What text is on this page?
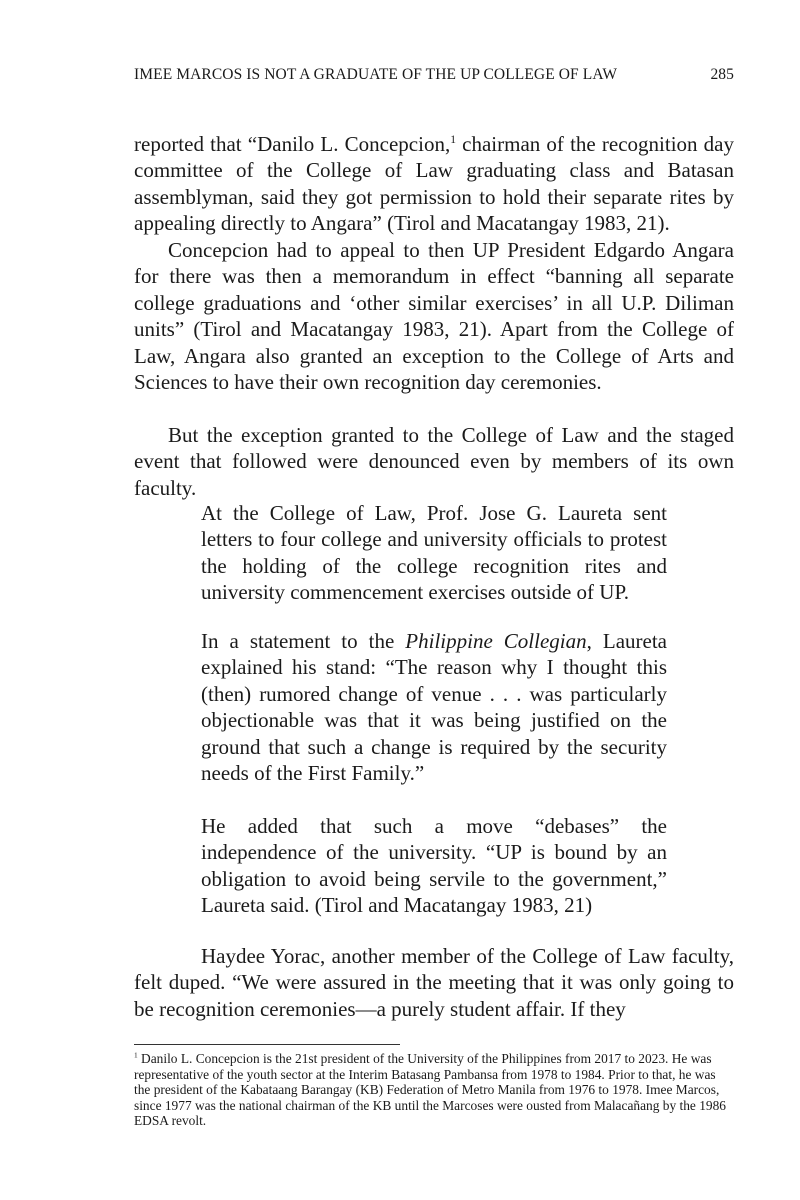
IMEE MARCOS IS NOT A GRADUATE OF THE UP COLLEGE OF LAW	285

reported that “Danilo L. Concepcion,$^1$ chairman of the recognition day committee of the College of Law graduating class and Batasan assemblyman, said they got permission to hold their separate rites by appealing directly to Angara” (Tirol and Macatangay 1983, 21).

Concepcion had to appeal to then UP President Edgardo Angara for there was then a memorandum in effect “banning all separate college graduations and ‘other similar exercises’ in all U.P. Diliman units” (Tirol and Macatangay 1983, 21). Apart from the College of Law, Angara also granted an exception to the College of Arts and Sciences to have their own recognition day ceremonies.

But the exception granted to the College of Law and the staged event that followed were denounced even by members of its own faculty.

At the College of Law, Prof. Jose G. Laureta sent letters to four college and university officials to protest the holding of the college recognition rites and university commencement exercises outside of UP.

In a statement to the Philippine Collegian, Laureta explained his stand: “The reason why I thought this (then) rumored change of venue . . . was particularly objectionable was that it was being justified on the ground that such a change is required by the security needs of the First Family.”

He added that such a move “debases” the independence of the university. “UP is bound by an obligation to avoid being servile to the government,” Laureta said. (Tirol and Macatangay 1983, 21)

Haydee Yorac, another member of the College of Law faculty, felt duped. “We were assured in the meeting that it was only going to be recognition ceremonies—a purely student affair. If they

$^1$ Danilo L. Concepcion is the 21st president of the University of the Philippines from 2017 to 2023. He was representative of the youth sector at the Interim Batasang Pambansa from 1978 to 1984. Prior to that, he was the president of the Kabataang Barangay (KB) Federation of Metro Manila from 1976 to 1978. Imee Marcos, since 1977 was the national chairman of the KB until the Marcoses were ousted from Malacañang by the 1986 EDSA revolt.
